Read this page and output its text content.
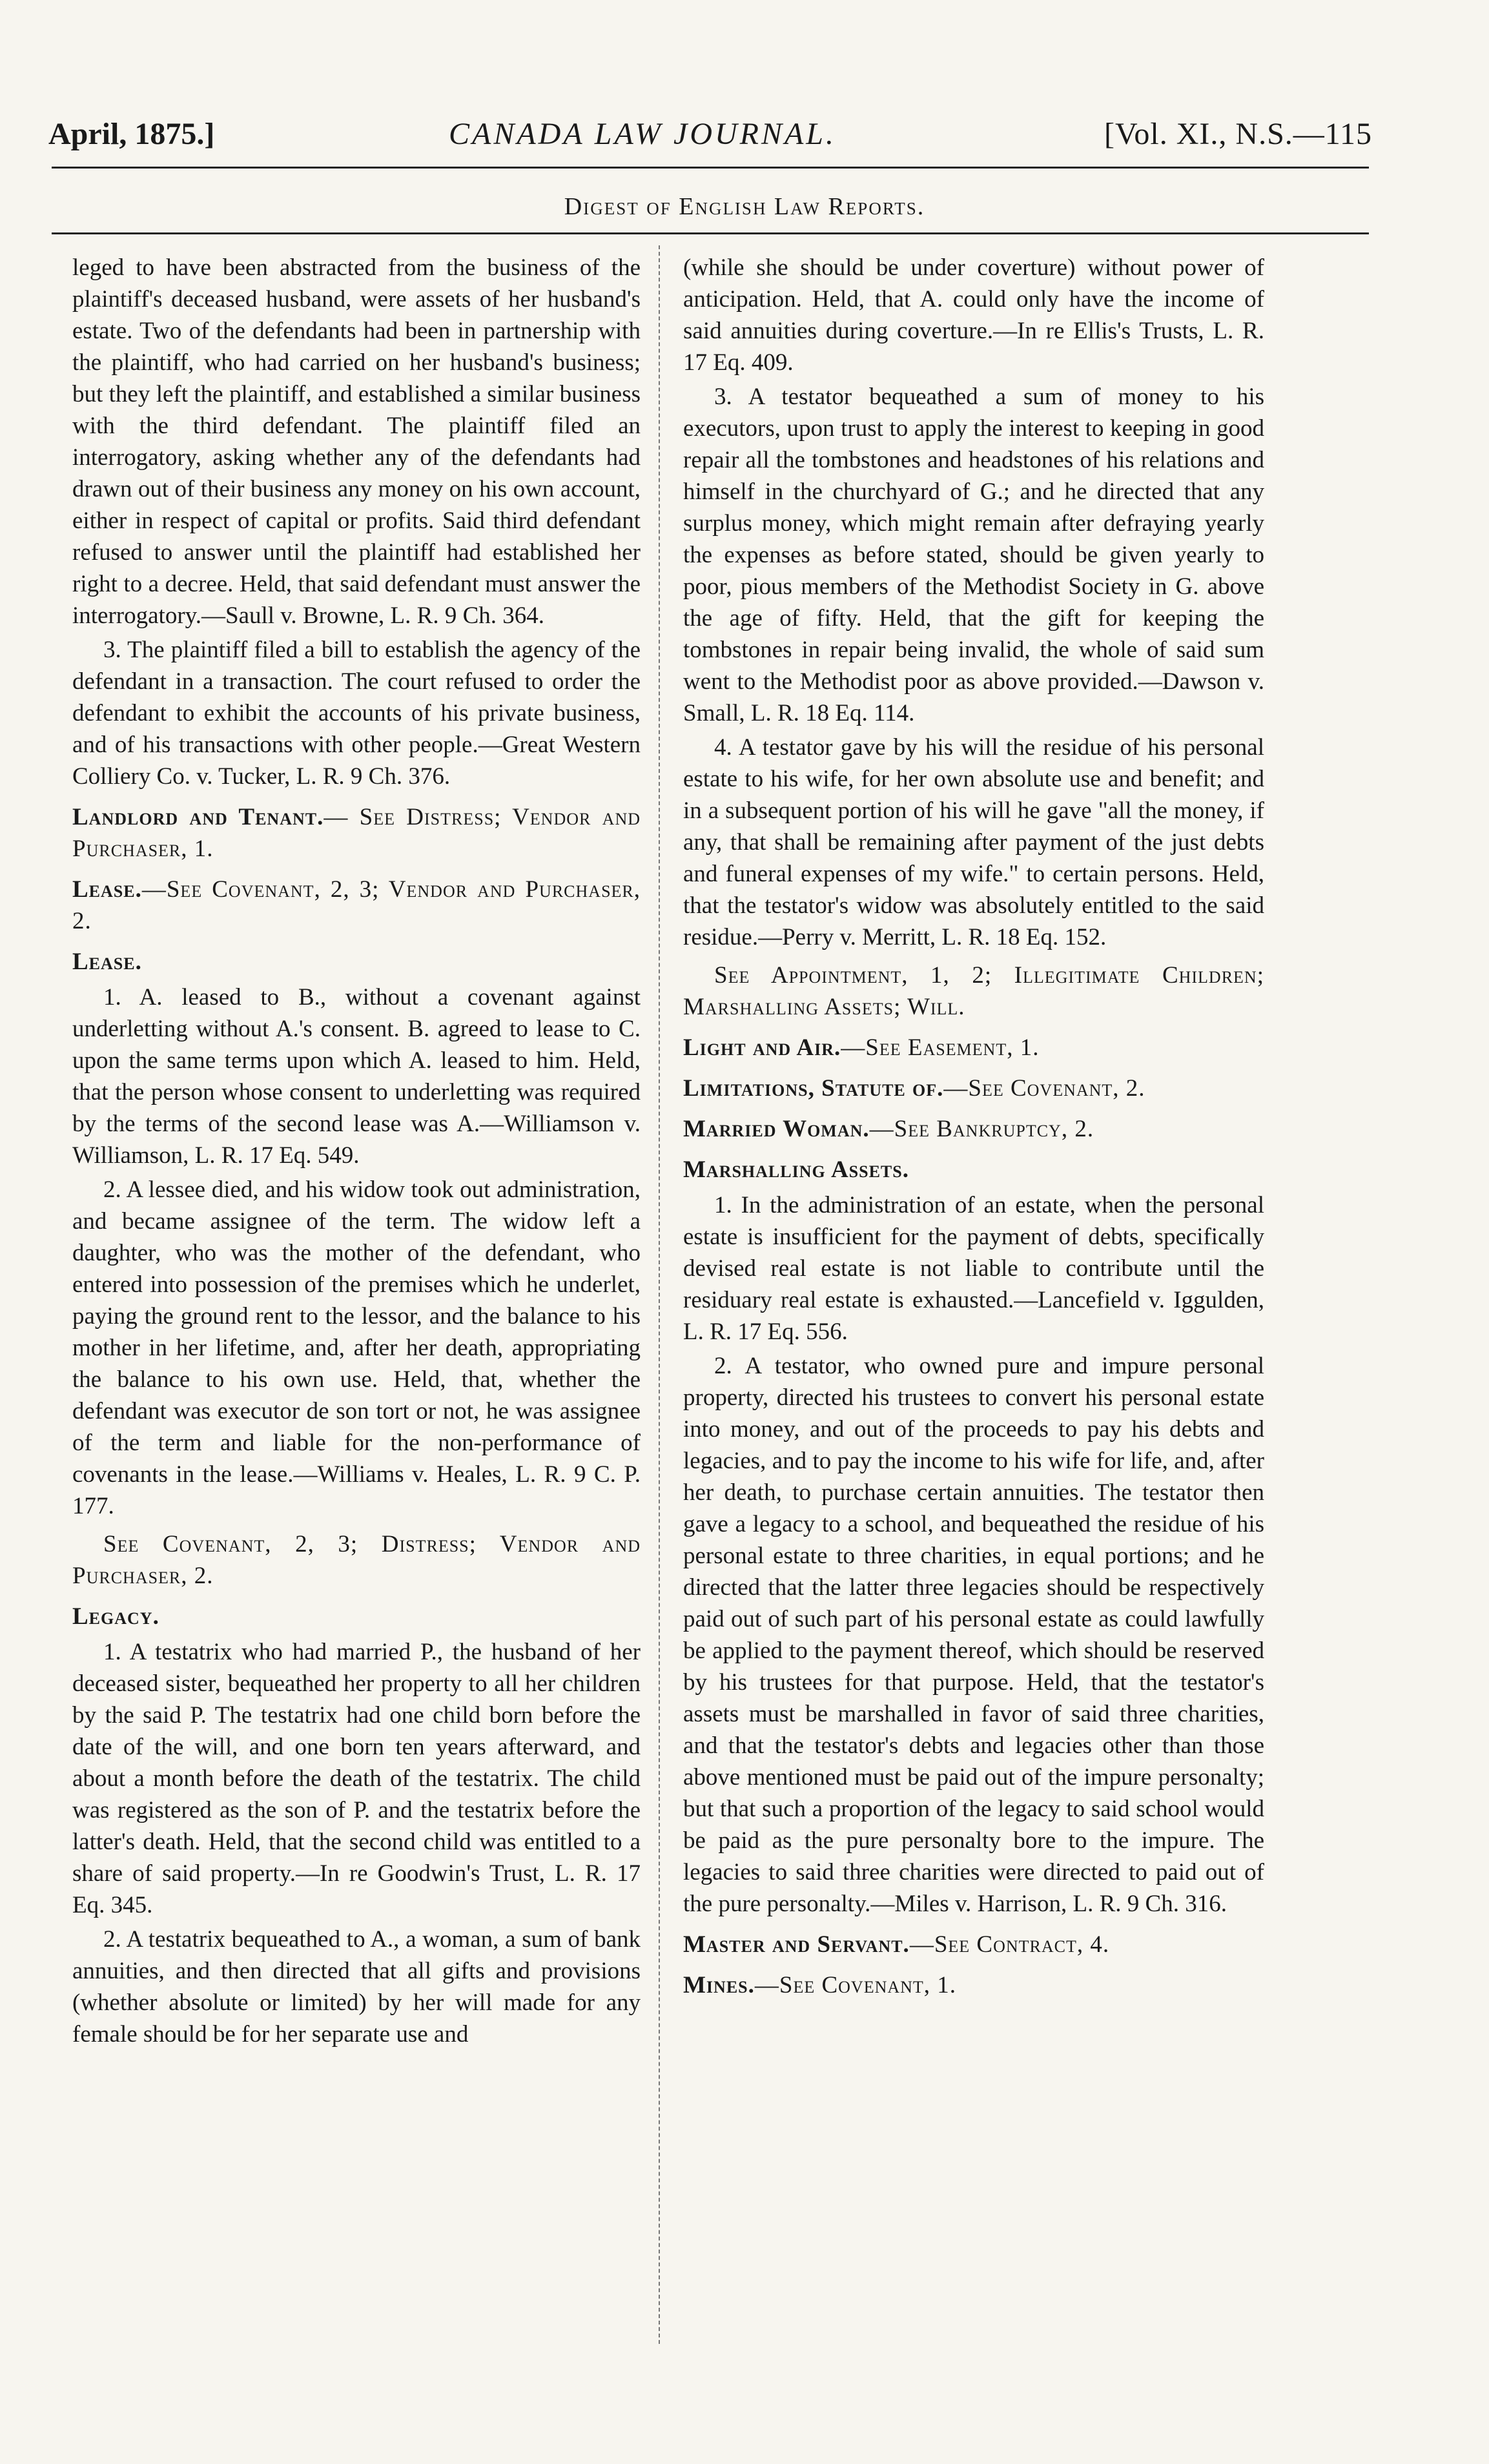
April, 1875.]	CANADA LAW JOURNAL.	[Vol. XI., N.S.—115
Digest of English Law Reports.
leged to have been abstracted from the business of the plaintiff's deceased husband, were assets of her husband's estate. Two of the defendants had been in partnership with the plaintiff, who had carried on her husband's business; but they left the plaintiff, and established a similar business with the third defendant. The plaintiff filed an interrogatory, asking whether any of the defendants had drawn out of their business any money on his own account, either in respect of capital or profits. Said third defendant refused to answer until the plaintiff had established her right to a decree. Held, that said defendant must answer the interrogatory.—Saull v. Browne, L. R. 9 Ch. 364.
3. The plaintiff filed a bill to establish the agency of the defendant in a transaction. The court refused to order the defendant to exhibit the accounts of his private business, and of his transactions with other people.—Great Western Colliery Co. v. Tucker, L. R. 9 Ch. 376.
Landlord and Tenant.— See Distress; Vendor and Purchaser, 1.
Lease.—See Covenant, 2, 3; Vendor and Purchaser, 2.
Lease.
1. A. leased to B., without a covenant against underletting without A.'s consent. B. agreed to lease to C. upon the same terms upon which A. leased to him. Held, that the person whose consent to underletting was required by the terms of the second lease was A.—Williamson v. Williamson, L. R. 17 Eq. 549.
2. A lessee died, and his widow took out administration, and became assignee of the term. The widow left a daughter, who was the mother of the defendant, who entered into possession of the premises which he underlet, paying the ground rent to the lessor, and the balance to his mother in her lifetime, and, after her death, appropriating the balance to his own use. Held, that, whether the defendant was executor de son tort or not, he was assignee of the term and liable for the non-performance of covenants in the lease.—Williams v. Heales, L. R. 9 C. P. 177.
See Covenant, 2, 3; Distress; Vendor and Purchaser, 2.
Legacy.
1. A testatrix who had married P., the husband of her deceased sister, bequeathed her property to all her children by the said P. The testatrix had one child born before the date of the will, and one born ten years afterward, and about a month before the death of the testatrix. The child was registered as the son of P. and the testatrix before the latter's death. Held, that the second child was entitled to a share of said property.—In re Goodwin's Trust, L. R. 17 Eq. 345.
2. A testatrix bequeathed to A., a woman, a sum of bank annuities, and then directed that all gifts and provisions (whether absolute or limited) by her will made for any female should be for her separate use and
(while she should be under coverture) without power of anticipation. Held, that A. could only have the income of said annuities during coverture.—In re Ellis's Trusts, L. R. 17 Eq. 409.
3. A testator bequeathed a sum of money to his executors, upon trust to apply the interest to keeping in good repair all the tombstones and headstones of his relations and himself in the churchyard of G.; and he directed that any surplus money, which might remain after defraying yearly the expenses as before stated, should be given yearly to poor, pious members of the Methodist Society in G. above the age of fifty. Held, that the gift for keeping the tombstones in repair being invalid, the whole of said sum went to the Methodist poor as above provided.—Dawson v. Small, L. R. 18 Eq. 114.
4. A testator gave by his will the residue of his personal estate to his wife, for her own absolute use and benefit; and in a subsequent portion of his will he gave "all the money, if any, that shall be remaining after payment of the just debts and funeral expenses of my wife." to certain persons. Held, that the testator's widow was absolutely entitled to the said residue.—Perry v. Merritt, L. R. 18 Eq. 152.
See Appointment, 1, 2; Illegitimate Children; Marshalling Assets; Will.
Light and Air.—See Easement, 1.
Limitations, Statute of.—See Covenant, 2.
Married Woman.—See Bankruptcy, 2.
Marshalling Assets.
1. In the administration of an estate, when the personal estate is insufficient for the payment of debts, specifically devised real estate is not liable to contribute until the residuary real estate is exhausted.—Lancefield v. Iggulden, L. R. 17 Eq. 556.
2. A testator, who owned pure and impure personal property, directed his trustees to convert his personal estate into money, and out of the proceeds to pay his debts and legacies, and to pay the income to his wife for life, and, after her death, to purchase certain annuities. The testator then gave a legacy to a school, and bequeathed the residue of his personal estate to three charities, in equal portions; and he directed that the latter three legacies should be respectively paid out of such part of his personal estate as could lawfully be applied to the payment thereof, which should be reserved by his trustees for that purpose. Held, that the testator's assets must be marshalled in favor of said three charities, and that the testator's debts and legacies other than those above mentioned must be paid out of the impure personalty; but that such a proportion of the legacy to said school would be paid as the pure personalty bore to the impure. The legacies to said three charities were directed to paid out of the pure personalty.—Miles v. Harrison, L. R. 9 Ch. 316.
Master and Servant.—See Contract, 4.
Mines.—See Covenant, 1.
